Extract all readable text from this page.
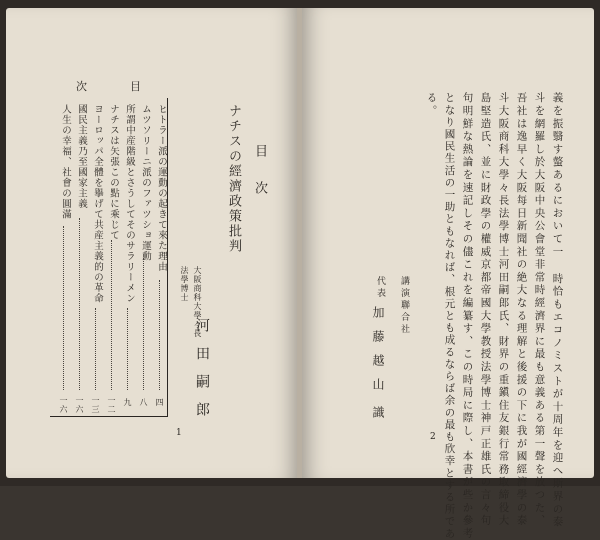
次	目
ナチスの經濟政策批判 目次
大阪商科大學々長
法學博士
河田嗣郎
ヒトラー派の運動の起きて來た理由
四
ムツソリーニ派のファツショ運動
八
所謂中産階級とさうしてそのサラリーメン
九
ナチスは矢張この點に乘じて
一二
ヨーロッパ全體を擧げて共産主義的の革命
一三
國民主義乃至國家主義
一六
人生の幸福、社會の圓滿
一六
1	義を振翳す螫あるにおいて一 時恰もエコノミストが十周年を迎へ斯界の泰
斗を網羅し於大阪中央公會堂非常時經濟界に最も意義ある第一聲を放つた、
吾社は逸早く大阪每日新聞社の絶大なる理解と後援の下に我が國經濟學の泰
斗大阪商科大學々長法學博士河田嗣郎氏、財界の重鎭住友銀行常務取締役大
島堅造氏、並に財政學の權威京都帝國大學教授法學博士神戸正雄氏の言々句
句明鮮な熱論を速記しその儘これを編纂す、この時局に際し、本書が些か參考
となり國民生活の一助ともなれば、根元とも成るならば余の最も欣幸とする所であ
る。
講演聯合社
代表
加藤越山
識
2
